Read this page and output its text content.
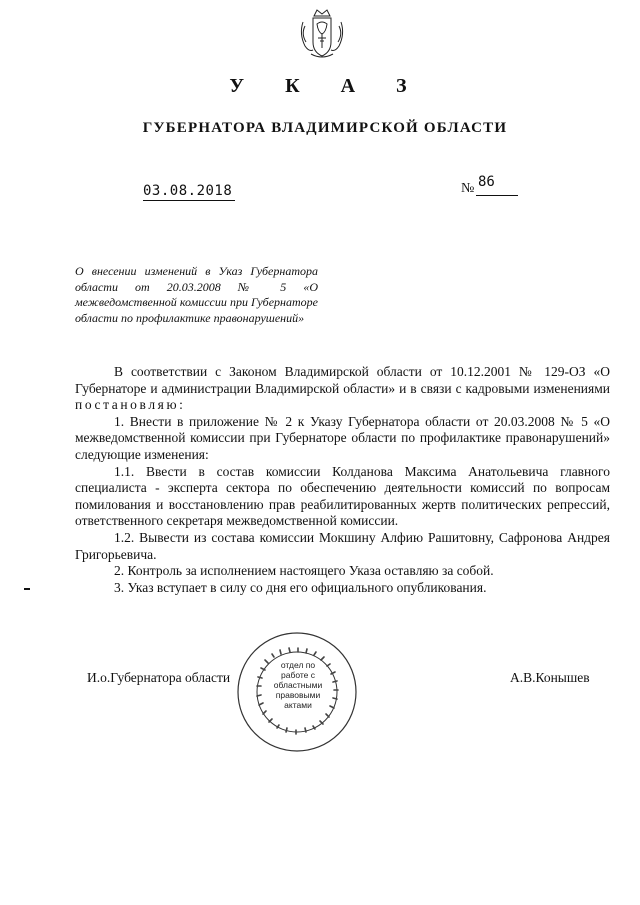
У К А З
ГУБЕРНАТОРА ВЛАДИМИРСКОЙ ОБЛАСТИ
03.08.2018	№ 86
О внесении изменений в Указ Губернатора области от 20.03.2008 № 5 «О межведомственной комиссии при Губернаторе области по профилактике правонарушений»

В соответствии с Законом Владимирской области от 10.12.2001 № 129-ОЗ «О Губернаторе и администрации Владимирской области» и в связи с кадровыми изменениями постановляю:

1. Внести в приложение № 2 к Указу Губернатора области от 20.03.2008 № 5 «О межведомственной комиссии при Губернаторе области по профилактике правонарушений» следующие изменения:

1.1. Ввести в состав комиссии Колданова Максима Анатольевича главного специалиста - эксперта сектора по обеспечению деятельности комиссий по вопросам помилования и восстановлению прав реабилитированных жертв политических репрессий, ответственного секретаря межведомственной комиссии.

1.2. Вывести из состава комиссии Мокшину Алфию Рашитовну, Сафронова Андрея Григорьевича.

2. Контроль за исполнением настоящего Указа оставляю за собой.

3. Указ вступает в силу со дня его официального опубликования.

И.о.Губернатора области	А.В.Конышев
отдел по работе с областными правовыми актами
